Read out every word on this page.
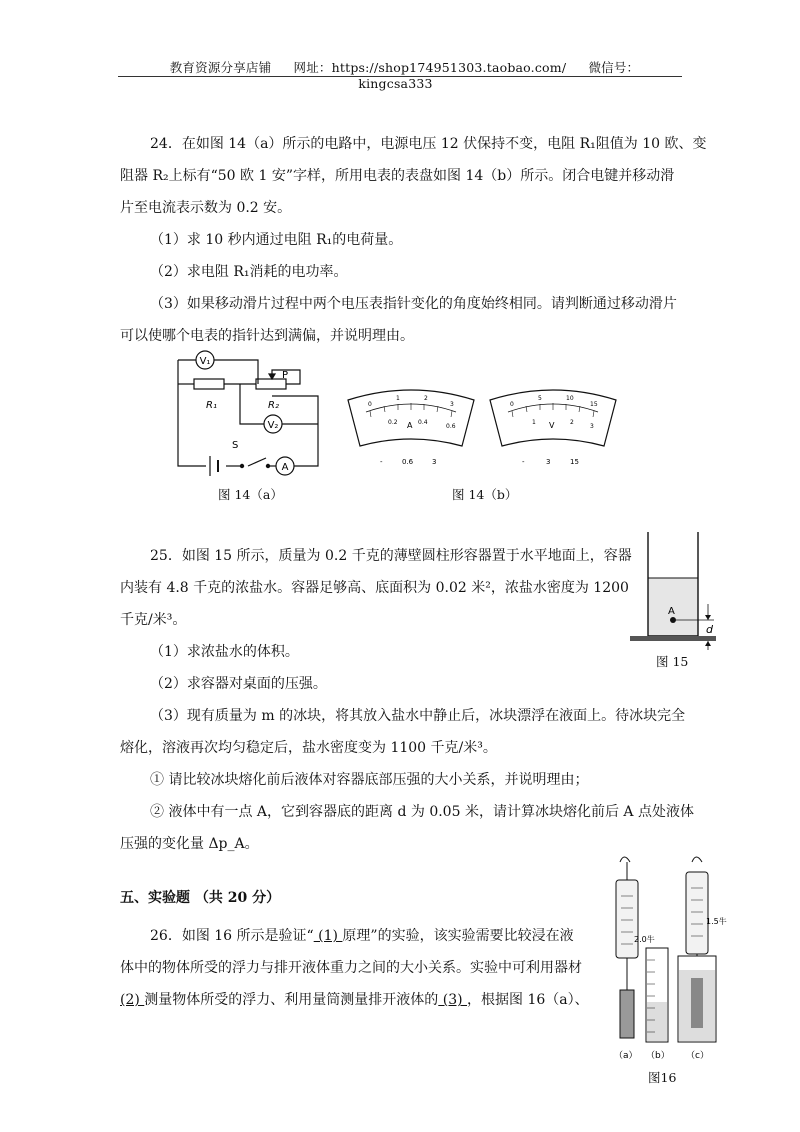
教育资源分享店铺 网址：https://shop174951303.taobao.com/ 微信号：kingcsa333
24．在如图 14（a）所示的电路中，电源电压 12 伏保持不变，电阻 R₁阻值为 10 欧、变
阻器 R₂上标有“50 欧 1 安”字样，所用电表的表盘如图 14（b）所示。闭合电键并移动滑
片至电流表示数为 0.2 安。
（1）求 10 秒内通过电阻 R₁的电荷量。
（2）求电阻 R₁消耗的电功率。
（3）如果移动滑片过程中两个电压表指针变化的角度始终相同。请判断通过移动滑片
可以使哪个电表的指针达到满偏，并说明理由。
V₁
V₂
A
P
R₁	R₂
S
图 14（a）
0
1	2
3
0.2	0.4
0.6
A
-	0.6	3
0
5	10
15
1	2
3
V
-	3	15
图 14（b）
25．如图 15 所示，质量为 0.2 千克的薄壁圆柱形容器置于水平地面上，容器
内装有 4.8 千克的浓盐水。容器足够高、底面积为 0.02 米²，浓盐水密度为 1200
千克/米³。
（1）求浓盐水的体积。
（2）求容器对桌面的压强。
（3）现有质量为 m 的冰块，将其放入盐水中静止后，冰块漂浮在液面上。待冰块完全
熔化，溶液再次均匀稳定后，盐水密度变为 1100 千克/米³。
① 请比较冰块熔化前后液体对容器底部压强的大小关系，并说明理由；
② 液体中有一点 A，它到容器底的距离 d 为 0.05 米，请计算冰块熔化前后 A 点处液体
压强的变化量 Δp_A。
A
d
图 15
五、实验题 （共 20 分）
26．如图 16 所示是验证“ (1) 原理”的实验，该实验需要比较浸在液
体中的物体所受的浮力与排开液体重力之间的大小关系。实验中可利用器材
(2) 测量物体所受的浮力、利用量筒测量排开液体的 (3) ，根据图 16（a）、
2.0牛
1.5牛
（a） （b） （c）
图16
